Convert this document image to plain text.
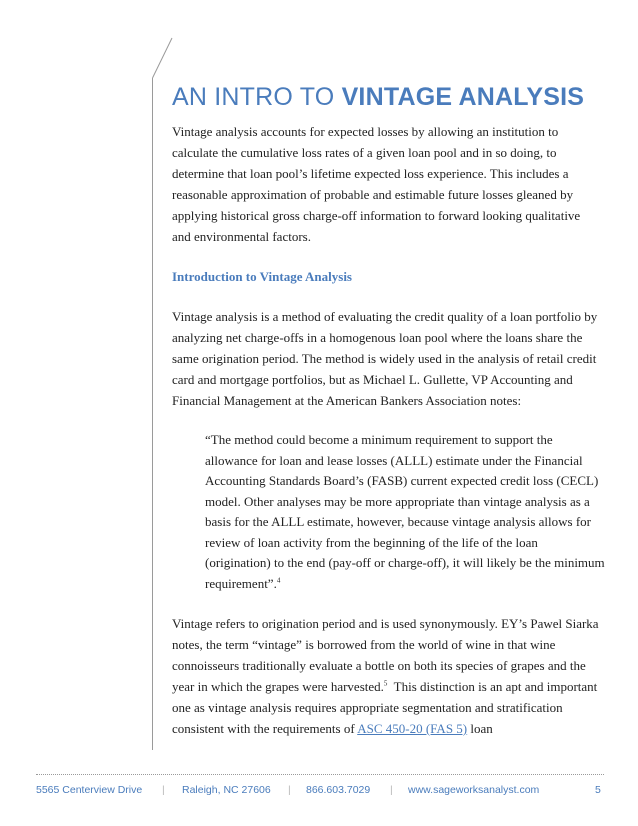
AN INTRO TO VINTAGE ANALYSIS

Vintage analysis accounts for expected losses by allowing an institution to calculate the cumulative loss rates of a given loan pool and in so doing, to determine that loan pool’s lifetime expected loss experience. This includes a reasonable approximation of probable and estimable future losses gleaned by applying historical gross charge-off information to forward looking qualitative and environmental factors.

Introduction to Vintage Analysis

Vintage analysis is a method of evaluating the credit quality of a loan portfolio by analyzing net charge-offs in a homogenous loan pool where the loans share the same origination period. The method is widely used in the analysis of retail credit card and mortgage portfolios, but as Michael L. Gullette, VP Accounting and Financial Management at the American Bankers Association notes:

“The method could become a minimum requirement to support the allowance for loan and lease losses (ALLL) estimate under the Financial Accounting Standards Board’s (FASB) current expected credit loss (CECL) model. Other analyses may be more appropriate than vintage analysis as a basis for the ALLL estimate, however, because vintage analysis allows for review of loan activity from the beginning of the life of the loan (origination) to the end (pay-off or charge-off), it will likely be the minimum requirement”.$^4$

Vintage refers to origination period and is used synonymously. EY’s Pawel Siarka notes, the term “vintage” is borrowed from the world of wine in that wine connoisseurs traditionally evaluate a bottle on both its species of grapes and the year in which the grapes were harvested.$^5$  This distinction is an apt and important one as vintage analysis requires appropriate segmentation and stratification consistent with the requirements of ASC 450-20 (FAS 5) loan

5565 Centerview Drive | Raleigh, NC 27606 | 866.603.7029 | www.sageworksanalyst.com	5
